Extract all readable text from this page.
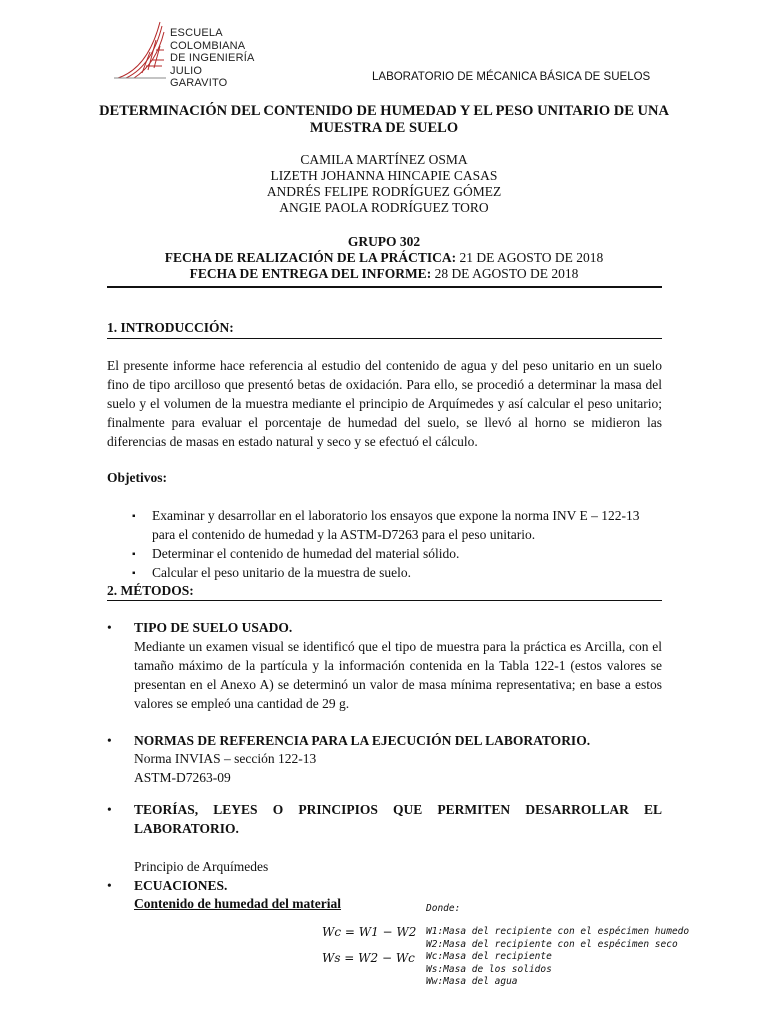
ESCUELA
COLOMBIANA
DE INGENIERÍA
JULIO GARAVITO	LABORATORIO DE MÉCANICA BÁSICA DE SUELOS
DETERMINACIÓN DEL CONTENIDO DE HUMEDAD Y EL PESO UNITARIO DE UNA
MUESTRA DE SUELO
CAMILA MARTÍNEZ OSMA
LIZETH JOHANNA HINCAPIE CASAS
ANDRÉS FELIPE RODRÍGUEZ GÓMEZ
ANGIE PAOLA RODRÍGUEZ TORO
GRUPO 302
FECHA DE REALIZACIÓN DE LA PRÁCTICA: 21 DE AGOSTO DE 2018
FECHA DE ENTREGA DEL INFORME: 28 DE AGOSTO DE 2018
1. INTRODUCCIÓN:
El presente informe hace referencia al estudio del contenido de agua y del peso unitario en un suelo fino de tipo arcilloso que presentó betas de oxidación. Para ello, se procedió a determinar la masa del suelo y el volumen de la muestra mediante el principio de Arquímedes y así calcular el peso unitario; finalmente para evaluar el porcentaje de humedad del suelo, se llevó al horno se midieron las diferencias de masas en estado natural y seco y se efectuó el cálculo.
Objetivos:
▪ Examinar y desarrollar en el laboratorio los ensayos que expone la norma INV E – 122-13 para el contenido de humedad y la ASTM-D7263 para el peso unitario.
▪ Determinar el contenido de humedad del material sólido.
▪ Calcular el peso unitario de la muestra de suelo.
2. MÉTODOS:
• TIPO DE SUELO USADO.
Mediante un examen visual se identificó que el tipo de muestra para la práctica es Arcilla, con el tamaño máximo de la partícula y la información contenida en la Tabla 122-1 (estos valores se presentan en el Anexo A) se determinó un valor de masa mínima representativa; en base a estos valores se empleó una cantidad de 29 g.
• NORMAS DE REFERENCIA PARA LA EJECUCIÓN DEL LABORATORIO.
Norma INVIAS – sección 122-13
ASTM-D7263-09
• TEORÍAS, LEYES O PRINCIPIOS QUE PERMITEN DESARROLLAR EL
LABORATORIO.
Principio de Arquímedes
• ECUACIONES.
Contenido de humedad del material
Wc = W1 − W2
Ws = W2 − Wc
Donde:
W1:Masa del recipiente con el espécimen humedo
W2:Masa del recipiente con el espécimen seco
Wc:Masa del recipiente
Ws:Masa de los solidos
Ww:Masa del agua
